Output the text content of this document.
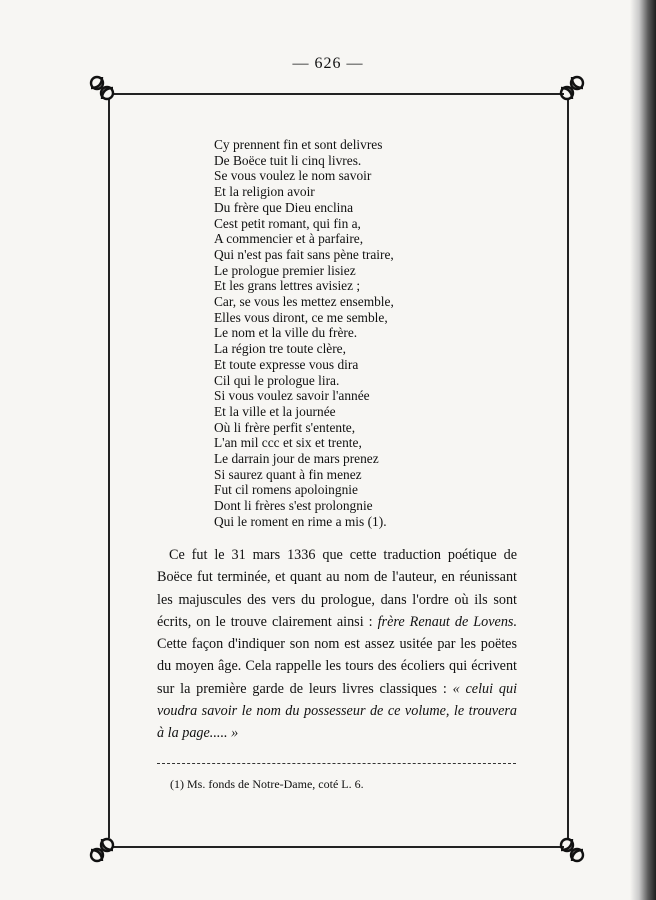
— 626 —
Cy prennent fin et sont delivres
De Boëce tuit li cinq livres.
Se vous voulez le nom savoir
Et la religion avoir
Du frère que Dieu enclina
Cest petit romant, qui fin a,
A commencier et à parfaire,
Qui n'est pas fait sans pène traire,
Le prologue premier lisiez
Et les grans lettres avisiez ;
Car, se vous les mettez ensemble,
Elles vous diront, ce me semble,
Le nom et la ville du frère.
La région tre toute clère,
Et toute expresse vous dira
Cil qui le prologue lira.
Si vous voulez savoir l'année
Et la ville et la journée
Où li frère perfit s'entente,
L'an mil ccc et six et trente,
Le darrain jour de mars prenez
Si saurez quant à fin menez
Fut cil romens apoloingnie
Dont li frères s'est prolongnie
Qui le roment en rime a mis (1).
Ce fut le 31 mars 1336 que cette traduction poétique de Boëce fut terminée, et quant au nom de l'auteur, en réunissant les majuscules des vers du prologue, dans l'ordre où ils sont écrits, on le trouve clairement ainsi : frère Renaut de Lovens. Cette façon d'indiquer son nom est assez usitée par les poëtes du moyen âge. Cela rappelle les tours des écoliers qui écrivent sur la première garde de leurs livres classiques : « celui qui voudra savoir le nom du possesseur de ce volume, le trouvera à la page..... »
(1) Ms. fonds de Notre-Dame, coté L. 6.
